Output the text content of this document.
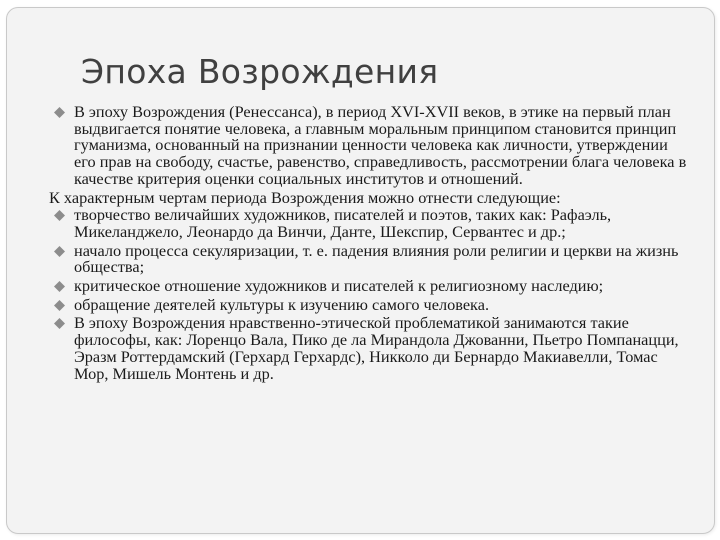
Эпоха Возрождения
В эпоху Возрождения (Ренессанса), в период XVI-XVII веков, в этике на первый план выдвигается понятие человека, а главным моральным принципом становится принцип гуманизма, основанный на признании ценности человека как личности, утверждении его прав на свободу, счастье, равенство, справедливость, рассмотрении блага человека в качестве критерия оценки социальных институтов и отношений.
К характерным чертам периода Возрождения можно отнести следующие:
творчество величайших художников, писателей и поэтов, таких как: Рафаэль, Микеланджело, Леонардо да Винчи, Данте, Шекспир, Сервантес и др.;
начало процесса секуляризации, т. е. падения влияния роли религии и церкви на жизнь общества;
критическое отношение художников и писателей к религиозному наследию;
обращение деятелей культуры к изучению самого человека.
В эпоху Возрождения нравственно-этической проблематикой занимаются такие философы, как: Лоренцо Вала, Пико де ла Мирандола Джованни, Пьетро Помпанацци, Эразм Роттердамский (Герхард Герхардс), Никколо ди Бернардо Макиавелли, Томас Мор, Мишель Монтень и др.
